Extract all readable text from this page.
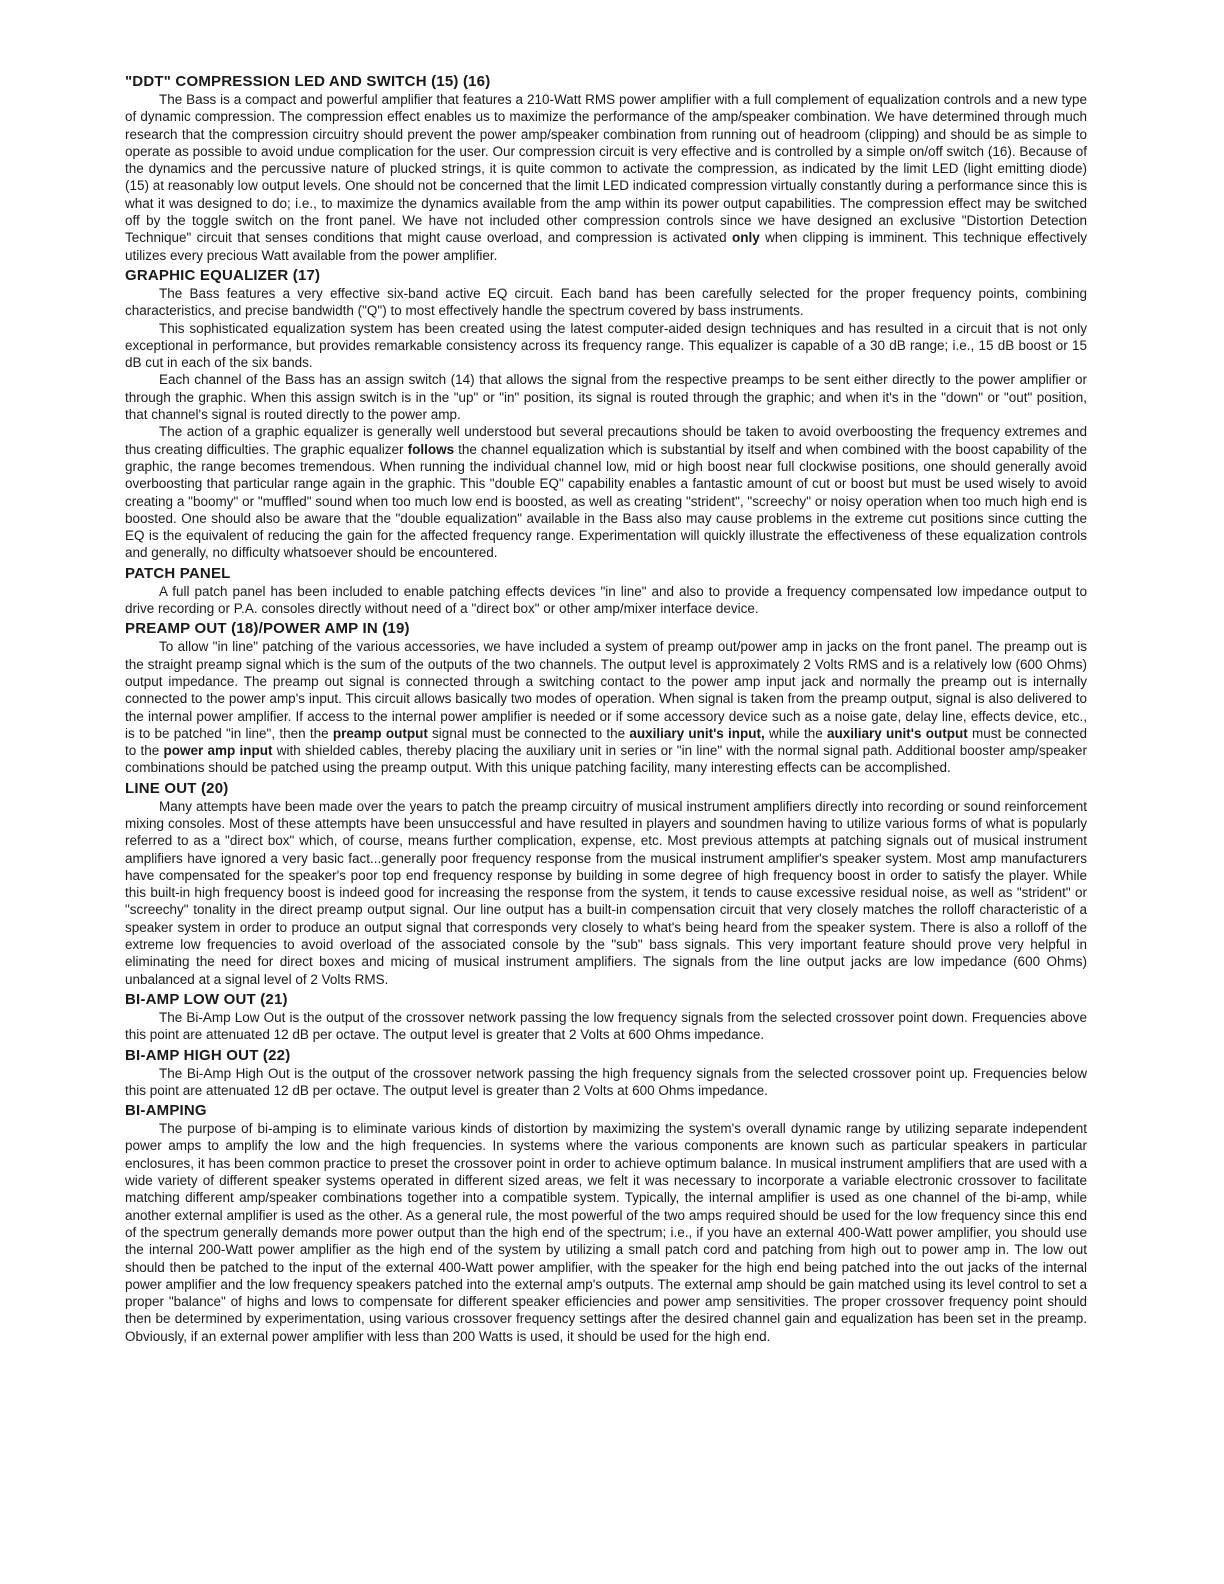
"DDT" COMPRESSION LED AND SWITCH (15) (16)

The Bass is a compact and powerful amplifier that features a 210-Watt RMS power amplifier with a full complement of equalization controls and a new type of dynamic compression. The compression effect enables us to maximize the performance of the amp/speaker combination. We have determined through much research that the compression circuitry should prevent the power amp/speaker combination from running out of headroom (clipping) and should be as simple to operate as possible to avoid undue complication for the user. Our compression circuit is very effective and is controlled by a simple on/off switch (16). Because of the dynamics and the percussive nature of plucked strings, it is quite common to activate the compression, as indicated by the limit LED (light emitting diode) (15) at reasonably low output levels. One should not be concerned that the limit LED indicated compression virtually constantly during a performance since this is what it was designed to do; i.e., to maximize the dynamics available from the amp within its power output capabilities. The compression effect may be switched off by the toggle switch on the front panel. We have not included other compression controls since we have designed an exclusive "Distortion Detection Technique" circuit that senses conditions that might cause overload, and compression is activated only when clipping is imminent. This technique effectively utilizes every precious Watt available from the power amplifier.

GRAPHIC EQUALIZER (17)

The Bass features a very effective six-band active EQ circuit. Each band has been carefully selected for the proper frequency points, combining characteristics, and precise bandwidth ("Q") to most effectively handle the spectrum covered by bass instruments.

This sophisticated equalization system has been created using the latest computer-aided design techniques and has resulted in a circuit that is not only exceptional in performance, but provides remarkable consistency across its frequency range. This equalizer is capable of a 30 dB range; i.e., 15 dB boost or 15 dB cut in each of the six bands.

Each channel of the Bass has an assign switch (14) that allows the signal from the respective preamps to be sent either directly to the power amplifier or through the graphic. When this assign switch is in the "up" or "in" position, its signal is routed through the graphic; and when it's in the "down" or "out" position, that channel's signal is routed directly to the power amp.

The action of a graphic equalizer is generally well understood but several precautions should be taken to avoid overboosting the frequency extremes and thus creating difficulties. The graphic equalizer follows the channel equalization which is substantial by itself and when combined with the boost capability of the graphic, the range becomes tremendous. When running the individual channel low, mid or high boost near full clockwise positions, one should generally avoid overboosting that particular range again in the graphic. This "double EQ" capability enables a fantastic amount of cut or boost but must be used wisely to avoid creating a "boomy" or "muffled" sound when too much low end is boosted, as well as creating "strident", "screechy" or noisy operation when too much high end is boosted. One should also be aware that the "double equalization" available in the Bass also may cause problems in the extreme cut positions since cutting the EQ is the equivalent of reducing the gain for the affected frequency range. Experimentation will quickly illustrate the effectiveness of these equalization controls and generally, no difficulty whatsoever should be encountered.

PATCH PANEL

A full patch panel has been included to enable patching effects devices "in line" and also to provide a frequency compensated low impedance output to drive recording or P.A. consoles directly without need of a "direct box" or other amp/mixer interface device.

PREAMP OUT (18)/POWER AMP IN (19)

To allow "in line" patching of the various accessories, we have included a system of preamp out/power amp in jacks on the front panel. The preamp out is the straight preamp signal which is the sum of the outputs of the two channels. The output level is approximately 2 Volts RMS and is a relatively low (600 Ohms) output impedance. The preamp out signal is connected through a switching contact to the power amp input jack and normally the preamp out is internally connected to the power amp's input. This circuit allows basically two modes of operation. When signal is taken from the preamp output, signal is also delivered to the internal power amplifier. If access to the internal power amplifier is needed or if some accessory device such as a noise gate, delay line, effects device, etc., is to be patched "in line", then the preamp output signal must be connected to the auxiliary unit's input, while the auxiliary unit's output must be connected to the power amp input with shielded cables, thereby placing the auxiliary unit in series or "in line" with the normal signal path. Additional booster amp/speaker combinations should be patched using the preamp output. With this unique patching facility, many interesting effects can be accomplished.

LINE OUT (20)

Many attempts have been made over the years to patch the preamp circuitry of musical instrument amplifiers directly into recording or sound reinforcement mixing consoles. Most of these attempts have been unsuccessful and have resulted in players and soundmen having to utilize various forms of what is popularly referred to as a "direct box" which, of course, means further complication, expense, etc. Most previous attempts at patching signals out of musical instrument amplifiers have ignored a very basic fact...generally poor frequency response from the musical instrument amplifier's speaker system. Most amp manufacturers have compensated for the speaker's poor top end frequency response by building in some degree of high frequency boost in order to satisfy the player. While this built-in high frequency boost is indeed good for increasing the response from the system, it tends to cause excessive residual noise, as well as "strident" or "screechy" tonality in the direct preamp output signal. Our line output has a built-in compensation circuit that very closely matches the rolloff characteristic of a speaker system in order to produce an output signal that corresponds very closely to what's being heard from the speaker system. There is also a rolloff of the extreme low frequencies to avoid overload of the associated console by the "sub" bass signals. This very important feature should prove very helpful in eliminating the need for direct boxes and micing of musical instrument amplifiers. The signals from the line output jacks are low impedance (600 Ohms) unbalanced at a signal level of 2 Volts RMS.

BI-AMP LOW OUT (21)

The Bi-Amp Low Out is the output of the crossover network passing the low frequency signals from the selected crossover point down. Frequencies above this point are attenuated 12 dB per octave. The output level is greater that 2 Volts at 600 Ohms impedance.

BI-AMP HIGH OUT (22)

The Bi-Amp High Out is the output of the crossover network passing the high frequency signals from the selected crossover point up. Frequencies below this point are attenuated 12 dB per octave. The output level is greater than 2 Volts at 600 Ohms impedance.

BI-AMPING

The purpose of bi-amping is to eliminate various kinds of distortion by maximizing the system's overall dynamic range by utilizing separate independent power amps to amplify the low and the high frequencies. In systems where the various components are known such as particular speakers in particular enclosures, it has been common practice to preset the crossover point in order to achieve optimum balance. In musical instrument amplifiers that are used with a wide variety of different speaker systems operated in different sized areas, we felt it was necessary to incorporate a variable electronic crossover to facilitate matching different amp/speaker combinations together into a compatible system. Typically, the internal amplifier is used as one channel of the bi-amp, while another external amplifier is used as the other. As a general rule, the most powerful of the two amps required should be used for the low frequency since this end of the spectrum generally demands more power output than the high end of the spectrum; i.e., if you have an external 400-Watt power amplifier, you should use the internal 200-Watt power amplifier as the high end of the system by utilizing a small patch cord and patching from high out to power amp in. The low out should then be patched to the input of the external 400-Watt power amplifier, with the speaker for the high end being patched into the out jacks of the internal power amplifier and the low frequency speakers patched into the external amp's outputs. The external amp should be gain matched using its level control to set a proper "balance" of highs and lows to compensate for different speaker efficiencies and power amp sensitivities. The proper crossover frequency point should then be determined by experimentation, using various crossover frequency settings after the desired channel gain and equalization has been set in the preamp. Obviously, if an external power amplifier with less than 200 Watts is used, it should be used for the high end.
